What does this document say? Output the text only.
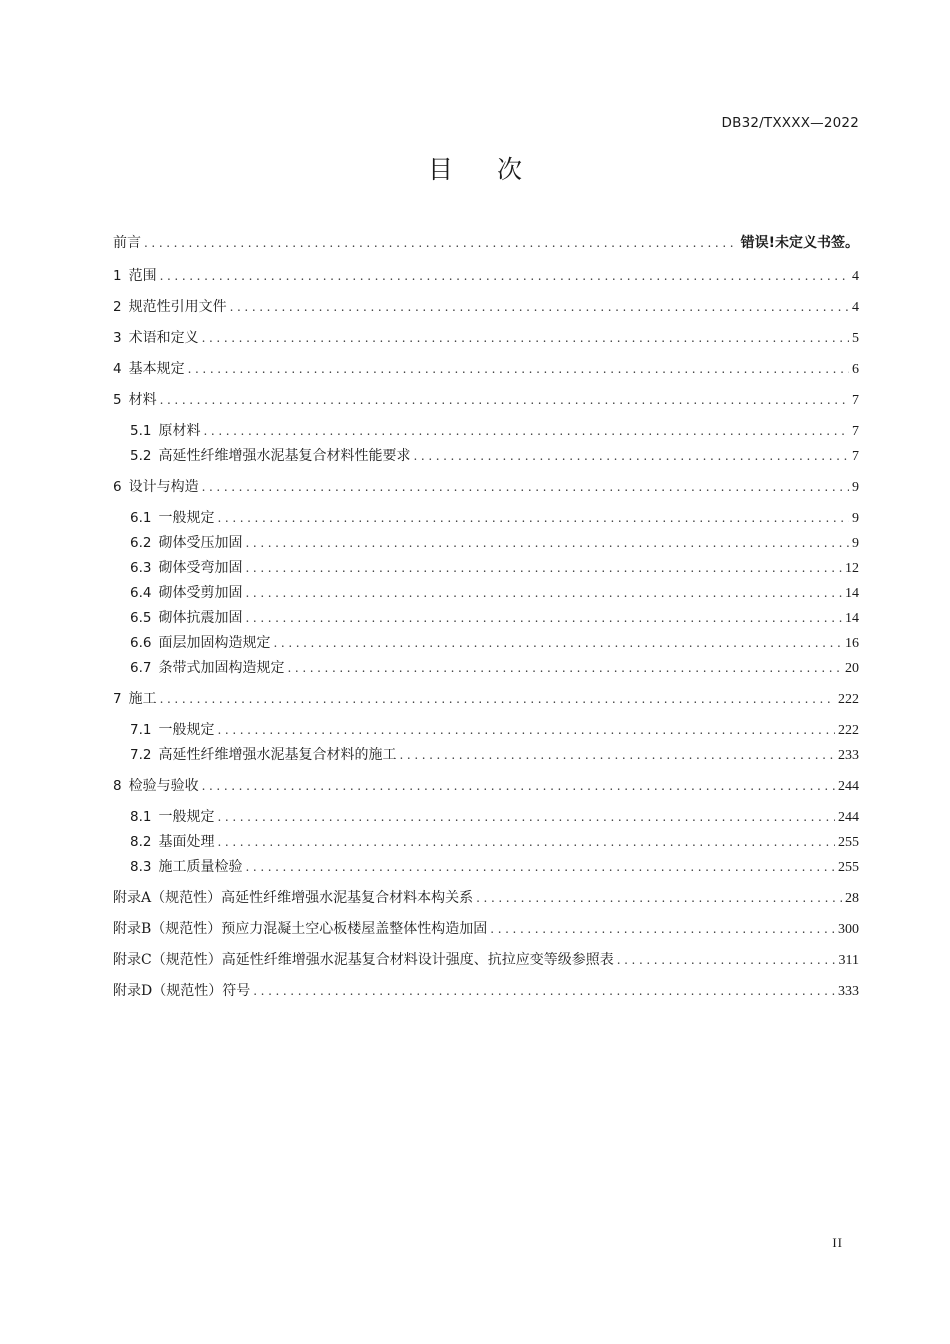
DB32/TXXXX—2022
目 次
前言 .....	错误!未定义书签。
1 范围 .....	4
2 规范性引用文件 .....	4
3 术语和定义 .....	5
4 基本规定 .....	6
5 材料 .....	7
5.1 原材料 .....	7
5.2 高延性纤维增强水泥基复合材料性能要求 .....	7
6 设计与构造 .....	9
6.1 一般规定 .....	9
6.2 砌体受压加固 .....	9
6.3 砌体受弯加固 .....	12
6.4 砌体受剪加固 .....	14
6.5 砌体抗震加固 .....	14
6.6 面层加固构造规定 .....	16
6.7 条带式加固构造规定 .....	20
7 施工 .....	222
7.1 一般规定 .....	222
7.2 高延性纤维增强水泥基复合材料的施工 .....	233
8 检验与验收 .....	244
8.1 一般规定 .....	244
8.2 基面处理 .....	255
8.3 施工质量检验 .....	255
附录A（规范性）高延性纤维增强水泥基复合材料本构关系 .....	28
附录B（规范性）预应力混凝土空心板楼屋盖整体性构造加固 .....	300
附录C（规范性）高延性纤维增强水泥基复合材料设计强度、抗拉应变等级参照表 .....	311
附录D（规范性）符号 .....	333
II
